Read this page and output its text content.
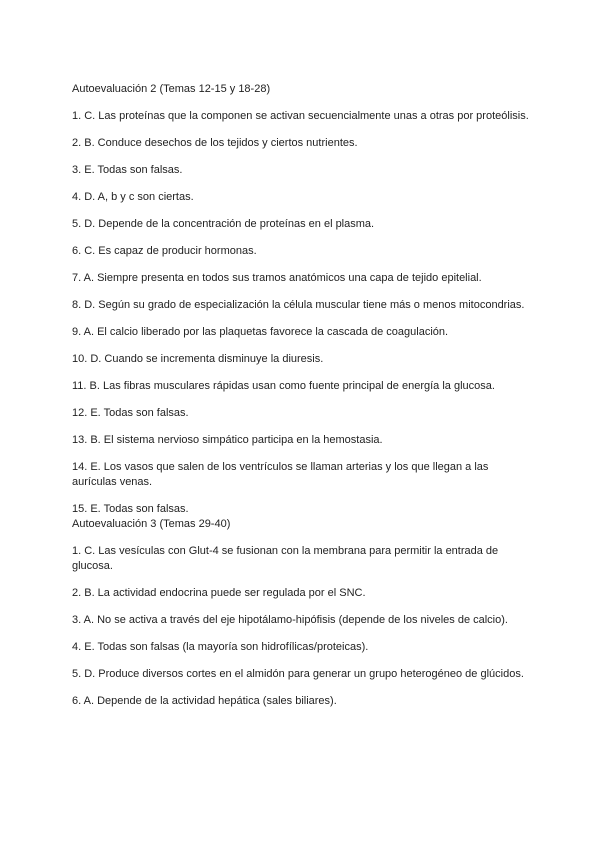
Autoevaluación 2 (Temas 12-15 y 18-28)
1. C. Las proteínas que la componen se activan secuencialmente unas a otras por proteólisis.
2. B. Conduce desechos de los tejidos y ciertos nutrientes.
3. E. Todas son falsas.
4. D. A, b y c son ciertas.
5. D. Depende de la concentración de proteínas en el plasma.
6. C. Es capaz de producir hormonas.
7. A. Siempre presenta en todos sus tramos anatómicos una capa de tejido epitelial.
8. D. Según su grado de especialización la célula muscular tiene más o menos mitocondrias.
9. A. El calcio liberado por las plaquetas favorece la cascada de coagulación.
10. D. Cuando se incrementa disminuye la diuresis.
11. B. Las fibras musculares rápidas usan como fuente principal de energía la glucosa.
12. E. Todas son falsas.
13. B. El sistema nervioso simpático participa en la hemostasia.
14. E. Los vasos que salen de los ventrículos se llaman arterias y los que llegan a las aurículas venas.
15. E. Todas son falsas.
Autoevaluación 3 (Temas 29-40)
1. C. Las vesículas con Glut-4 se fusionan con la membrana para permitir la entrada de glucosa.
2. B. La actividad endocrina puede ser regulada por el SNC.
3. A. No se activa a través del eje hipotálamo-hipófisis (depende de los niveles de calcio).
4. E. Todas son falsas (la mayoría son hidrofílicas/proteicas).
5. D. Produce diversos cortes en el almidón para generar un grupo heterogéneo de glúcidos.
6. A. Depende de la actividad hepática (sales biliares).
